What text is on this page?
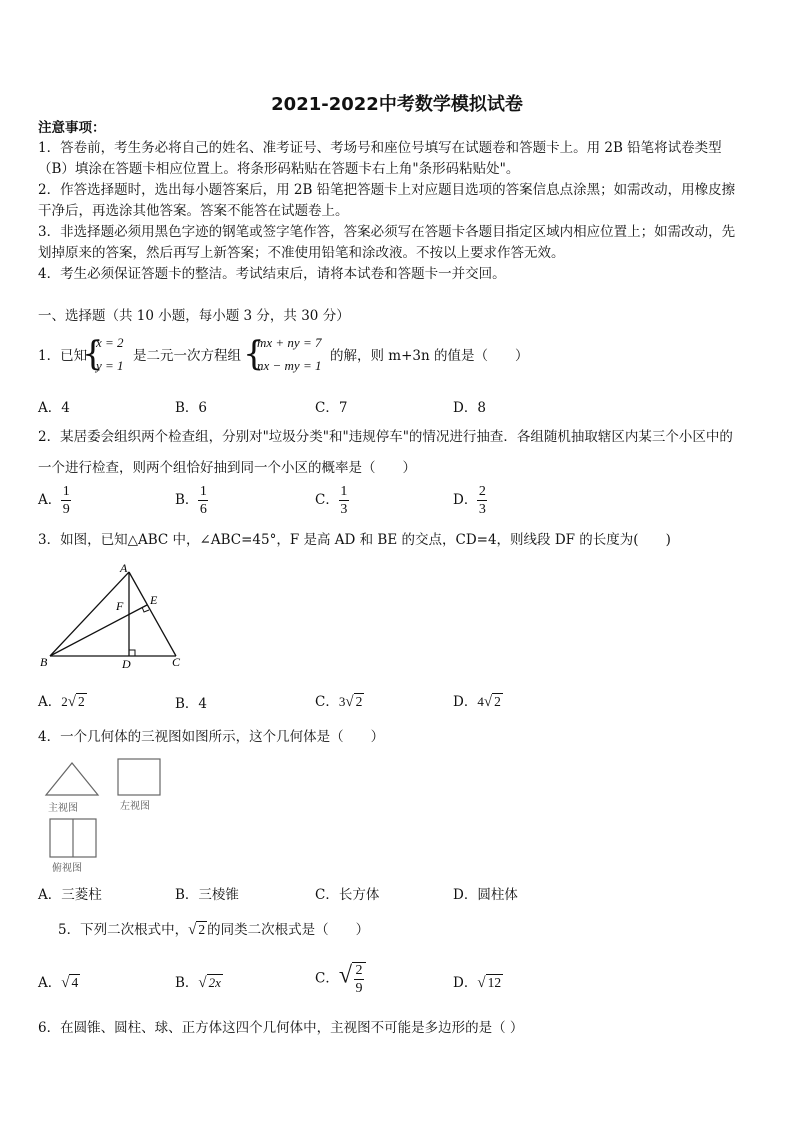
2021-2022中考数学模拟试卷
注意事项：
1．答卷前，考生务必将自己的姓名、准考证号、考场号和座位号填写在试题卷和答题卡上。用 2B 铅笔将试卷类型
（B）填涂在答题卡相应位置上。将条形码粘贴在答题卡右上角"条形码粘贴处"。
2．作答选择题时，选出每小题答案后，用 2B 铅笔把答题卡上对应题目选项的答案信息点涂黑；如需改动，用橡皮擦
干净后，再选涂其他答案。答案不能答在试题卷上。
3．非选择题必须用黑色字迹的钢笔或签字笔作答，答案必须写在答题卡各题目指定区域内相应位置上；如需改动，先
划掉原来的答案，然后再写上新答案；不准使用铅笔和涂改液。不按以上要求作答无效。
4．考生必须保证答题卡的整洁。考试结束后，请将本试卷和答题卡一并交回。
一、选择题（共 10 小题，每小题 3 分，共 30 分）
1．已知
{
x = 2
y = 1
是二元一次方程组 {
mx + ny = 7
nx − my = 1
的解，则 m+3n 的值是（　　）
A．4	B．6	C．7	D．8
2．某居委会组织两个检查组，分别对"垃圾分类"和"违规停车"的情况进行抽查．各组随机抽取辖区内某三个小区中的
一个进行检查，则两个组恰好抽到同一个小区的概率是（　　）
A． $\frac{1}{9}$	B． $\frac{1}{6}$	C． $\frac{1}{3}$	D． $\frac{2}{3}$
3．如图，已知△ABC 中，∠ABC=45°，F 是高 AD 和 BE 的交点，CD=4，则线段 DF 的长度为(　　)
A
B	C
D
E
F
A．2√ 2	B．4	C．3√ 2	D．4√ 2
4．一个几何体的三视图如图所示，这个几何体是（　　）
主视图	左视图
俯视图
A．三菱柱	B．三棱锥	C．长方体	D．圆柱体
5．下列二次根式中，√ 2 的同类二次根式是（　　）
A．√ 4	B．√ 2x	C．√ $\frac{2}{9}$	D．√ 12
6．在圆锥、圆柱、球、正方体这四个几何体中，主视图不可能是多边形的是（ ）
